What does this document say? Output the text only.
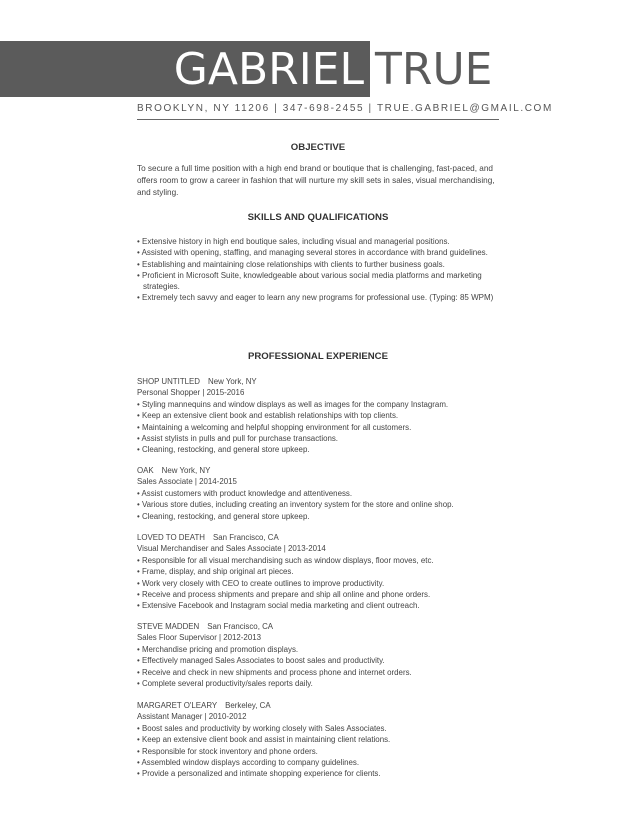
GABRIEL TRUE
BROOKLYN, NY 11206 | 347-698-2455 | TRUE.GABRIEL@GMAIL.COM
OBJECTIVE
To secure a full time position with a high end brand or boutique that is challenging, fast-paced, and offers room to grow a career in fashion that will nurture my skill sets in sales, visual merchandising, and styling.
SKILLS AND QUALIFICATIONS
• Extensive history in high end boutique sales, including visual and managerial positions.
• Assisted with opening, staffing, and managing several stores in accordance with brand guidelines.
• Establishing and maintaining close relationships with clients to further business goals.
• Proficient in Microsoft Suite, knowledgeable about various social media platforms and marketing strategies.
• Extremely tech savvy and eager to learn any new programs for professional use. (Typing: 85 WPM)
PROFESSIONAL EXPERIENCE
SHOP UNTITLED New York, NY
Personal Shopper | 2015-2016
• Styling mannequins and window displays as well as images for the company Instagram.
• Keep an extensive client book and establish relationships with top clients.
• Maintaining a welcoming and helpful shopping environment for all customers.
• Assist stylists in pulls and pull for purchase transactions.
• Cleaning, restocking, and general store upkeep.
OAK New York, NY
Sales Associate | 2014-2015
• Assist customers with product knowledge and attentiveness.
• Various store duties, including creating an inventory system for the store and online shop.
• Cleaning, restocking, and general store upkeep.
LOVED TO DEATH San Francisco, CA
Visual Merchandiser and Sales Associate | 2013-2014
• Responsible for all visual merchandising such as window displays, floor moves, etc.
• Frame, display, and ship original art pieces.
• Work very closely with CEO to create outlines to improve productivity.
• Receive and process shipments and prepare and ship all online and phone orders.
• Extensive Facebook and Instagram social media marketing and client outreach.
STEVE MADDEN San Francisco, CA
Sales Floor Supervisor | 2012-2013
• Merchandise pricing and promotion displays.
• Effectively managed Sales Associates to boost sales and productivity.
• Receive and check in new shipments and process phone and internet orders.
• Complete several productivity/sales reports daily.
MARGARET O'LEARY Berkeley, CA
Assistant Manager | 2010-2012
• Boost sales and productivity by working closely with Sales Associates.
• Keep an extensive client book and assist in maintaining client relations.
• Responsible for stock inventory and phone orders.
• Assembled window displays according to company guidelines.
• Provide a personalized and intimate shopping experience for clients.
